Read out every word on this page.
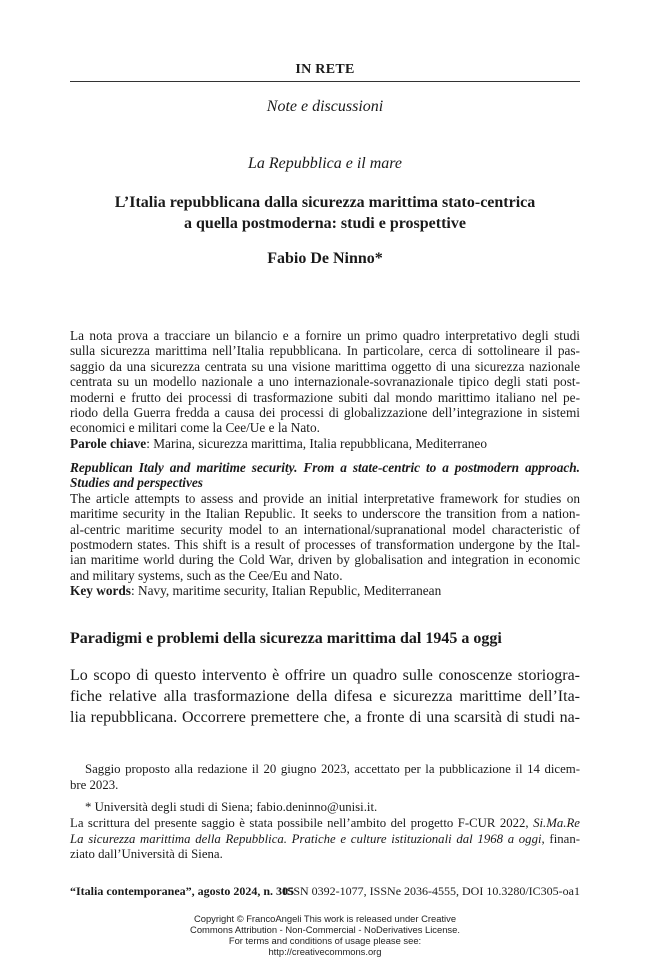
IN RETE
Note e discussioni
La Repubblica e il mare
L’Italia repubblicana dalla sicurezza marittima stato-centrica
a quella postmoderna: studi e prospettive
Fabio De Ninno*
La nota prova a tracciare un bilancio e a fornire un primo quadro interpretativo degli studi
sulla sicurezza marittima nell’Italia repubblicana. In particolare, cerca di sottolineare il pas-
saggio da una sicurezza centrata su una visione marittima oggetto di una sicurezza nazionale
centrata su un modello nazionale a uno internazionale-sovranazionale tipico degli stati post-
moderni e frutto dei processi di trasformazione subiti dal mondo marittimo italiano nel pe-
riodo della Guerra fredda a causa dei processi di globalizzazione dell’integrazione in sistemi
economici e militari come la Cee/Ue e la Nato.
Parole chiave: Marina, sicurezza marittima, Italia repubblicana, Mediterraneo
Republican Italy and maritime security. From a state-centric to a postmodern approach.
Studies and perspectives
The article attempts to assess and provide an initial interpretative framework for studies on
maritime security in the Italian Republic. It seeks to underscore the transition from a nation-
al-centric maritime security model to an international/supranational model characteristic of
postmodern states. This shift is a result of processes of transformation undergone by the Ital-
ian maritime world during the Cold War, driven by globalisation and integration in economic
and military systems, such as the Cee/Eu and Nato.
Key words: Navy, maritime security, Italian Republic, Mediterranean
Paradigmi e problemi della sicurezza marittima dal 1945 a oggi
Lo scopo di questo intervento è offrire un quadro sulle conoscenze storiogra-
fiche relative alla trasformazione della difesa e sicurezza marittime dell’Ita-
lia repubblicana. Occorrere premettere che, a fronte di una scarsità di studi na-
Saggio proposto alla redazione il 20 giugno 2023, accettato per la pubblicazione il 14 dicem-
bre 2023.
* Università degli studi di Siena; fabio.deninno@unisi.it.
La scrittura del presente saggio è stata possibile nell’ambito del progetto F-CUR 2022, Si.Ma.Re
La sicurezza marittima della Repubblica. Pratiche e culture istituzionali dal 1968 a oggi, finan-
ziato dall’Università di Siena.
“Italia contemporanea”, agosto 2024, n. 305
ISSN 0392-1077, ISSNe 2036-4555, DOI 10.3280/IC305-oa1
Copyright © FrancoAngeli This work is released under Creative
Commons Attribution - Non-Commercial - NoDerivatives License.
For terms and conditions of usage please see:
http://creativecommons.org
